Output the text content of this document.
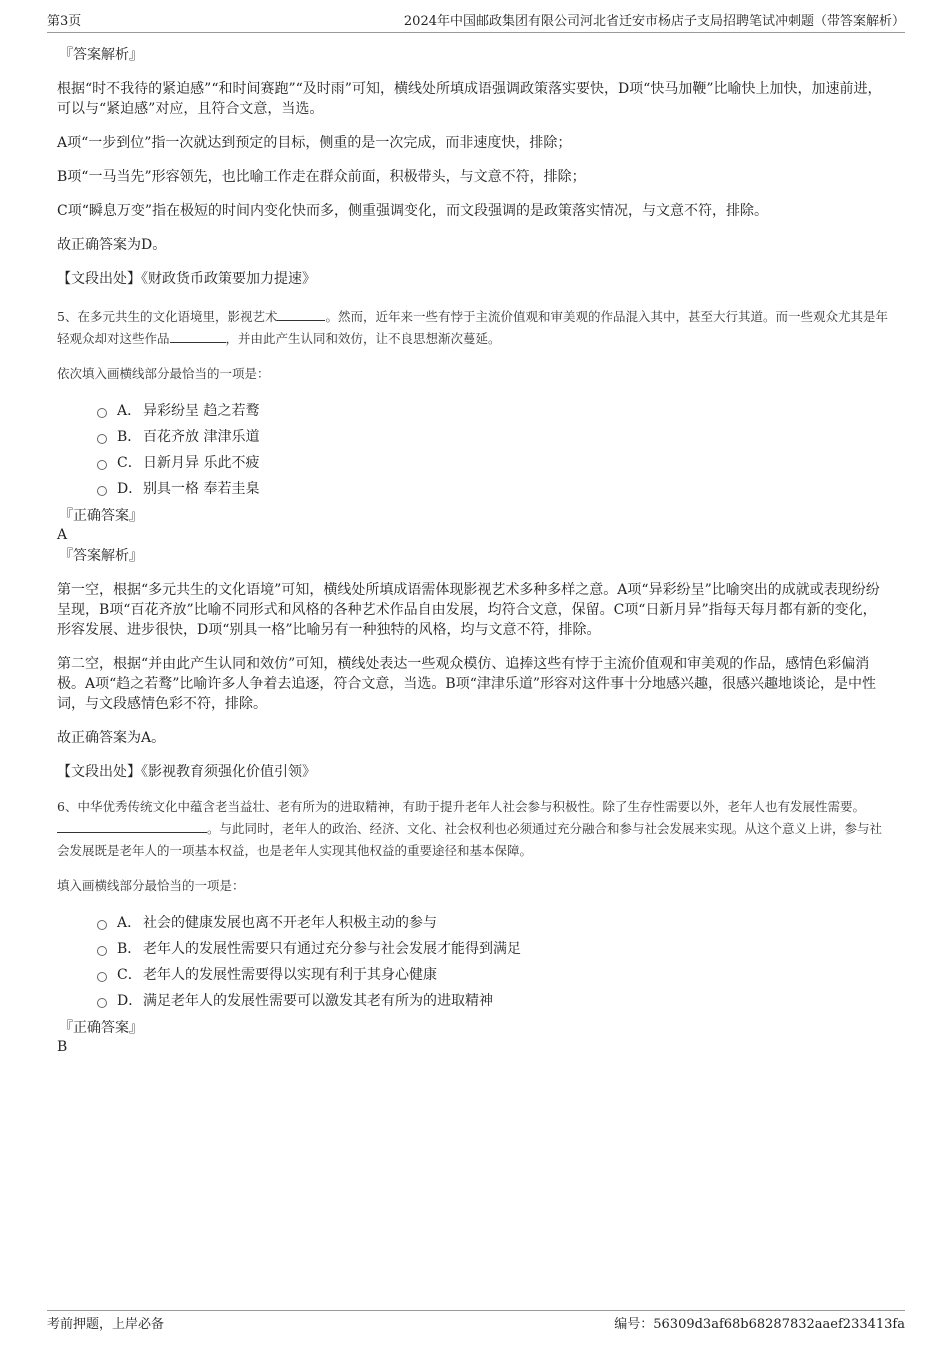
第3页	2024年中国邮政集团有限公司河北省迁安市杨店子支局招聘笔试冲刺题（带答案解析）
『答案解析』

根据“时不我待的紧迫感”“和时间赛跑”“及时雨”可知，横线处所填成语强调政策落实要快，D项“快马加鞭”比喻快上加快，加速前进，可以与“紧迫感”对应，且符合文意，当选。

A项“一步到位”指一次就达到预定的目标，侧重的是一次完成，而非速度快，排除；

B项“一马当先”形容领先，也比喻工作走在群众前面，积极带头，与文意不符，排除；

C项“瞬息万变”指在极短的时间内变化快而多，侧重强调变化，而文段强调的是政策落实情况，与文意不符，排除。

故正确答案为D。

【文段出处】《财政货币政策要加力提速》

5、在多元共生的文化语境里，影视艺术	。然而，近年来一些有悖于主流价值观和审美观的作品混入其中，甚至大行其道。而一些观众尤其是年轻观众却对这些作品	，并由此产生认同和效仿，让不良思想渐次蔓延。

依次填入画横线部分最恰当的一项是：

A． 异彩纷呈 趋之若鹜
B． 百花齐放 津津乐道
C．日新月异 乐此不疲
D．别具一格 奉若圭臬
『正确答案』
A
『答案解析』

第一空，根据“多元共生的文化语境”可知，横线处所填成语需体现影视艺术多种多样之意。A项“异彩纷呈”比喻突出的成就或表现纷纷呈现，B项“百花齐放”比喻不同形式和风格的各种艺术作品自由发展，均符合文意，保留。C项“日新月异”指每天每月都有新的变化，形容发展、进步很快，D项“别具一格”比喻另有一种独特的风格，均与文意不符，排除。

第二空，根据“并由此产生认同和效仿”可知，横线处表达一些观众模仿、追捧这些有悖于主流价值观和审美观的作品，感情色彩偏消极。A项“趋之若鹜”比喻许多人争着去追逐，符合文意，当选。B项“津津乐道”形容对这件事十分地感兴趣，很感兴趣地谈论，是中性词，与文段感情色彩不符，排除。

故正确答案为A。

【文段出处】《影视教育须强化价值引领》

6、中华优秀传统文化中蕴含老当益壮、老有所为的进取精神，有助于提升老年人社会参与积极性。除了生存性需要以外，老年人也有发展性需要。。与此同时，老年人的政治、经济、文化、社会权利也必须通过充分融合和参与社会发展来实现。从这个意义上讲，参与社会发展既是老年人的一项基本权益，也是老年人实现其他权益的重要途径和基本保障。

填入画横线部分最恰当的一项是：

A． 社会的健康发展也离不开老年人积极主动的参与
B． 老年人的发展性需要只有通过充分参与社会发展才能得到满足
C．老年人的发展性需要得以实现有利于其身心健康
D．满足老年人的发展性需要可以激发其老有所为的进取精神
『正确答案』
B
考前押题，上岸必备	编号：56309d3af68b68287832aaef233413fa
